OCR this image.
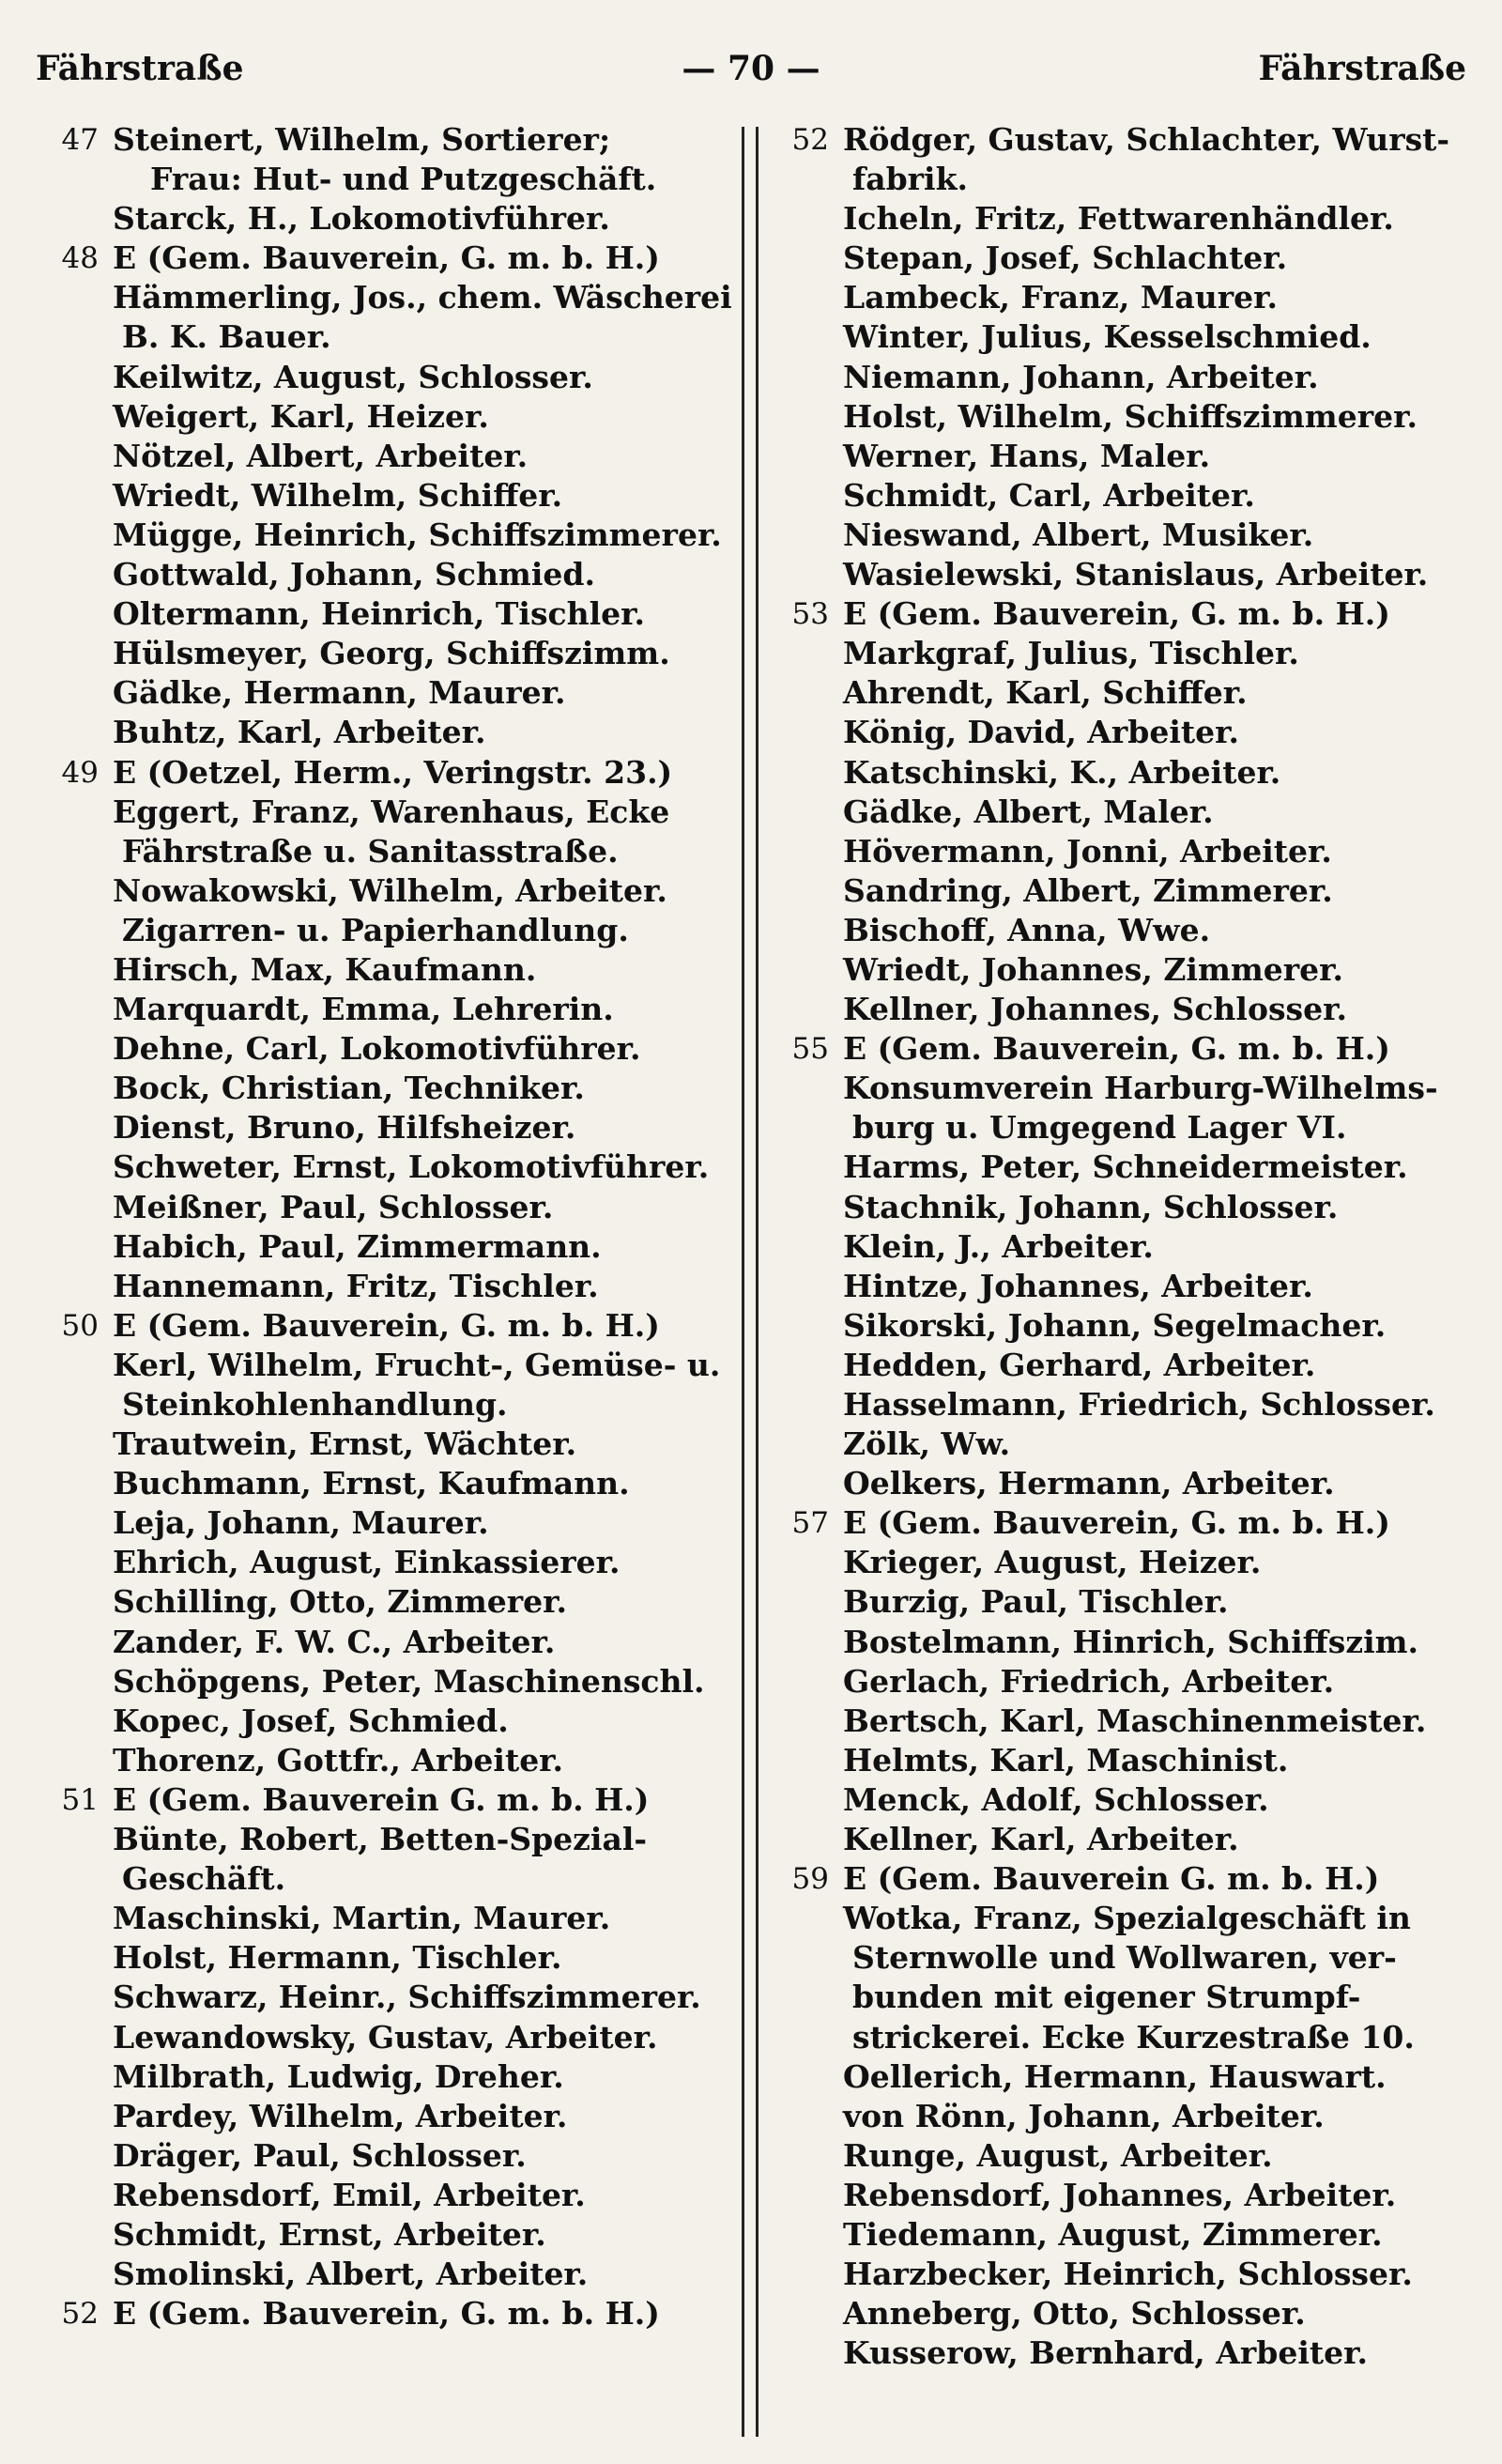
— 70 —
Fährstraße	Fährstraße
47 Steinert, Wilhelm, Sortierer;
Frau: Hut- und Putzgeschäft.
Starck, H., Lokomotivführer.
48 E (Gem. Bauverein, G. m. b. H.)
Hämmerling, Jos., chem. Wäscherei
B. K. Bauer.
Keilwitz, August, Schlosser.
Weigert, Karl, Heizer.
Nötzel, Albert, Arbeiter.
Wriedt, Wilhelm, Schiffer.
Mügge, Heinrich, Schiffszimmerer.
Gottwald, Johann, Schmied.
Oltermann, Heinrich, Tischler.
Hülsmeyer, Georg, Schiffszimm.
Gädke, Hermann, Maurer.
Buhtz, Karl, Arbeiter.
49 E (Oetzel, Herm., Veringstr. 23.)
Eggert, Franz, Warenhaus, Ecke
Fährstraße u. Sanitasstraße.
Nowakowski, Wilhelm, Arbeiter.
Zigarren- u. Papierhandlung.
Hirsch, Max, Kaufmann.
Marquardt, Emma, Lehrerin.
Dehne, Carl, Lokomotivführer.
Bock, Christian, Techniker.
Dienst, Bruno, Hilfsheizer.
Schweter, Ernst, Lokomotivführer.
Meißner, Paul, Schlosser.
Habich, Paul, Zimmermann.
Hannemann, Fritz, Tischler.
50 E (Gem. Bauverein, G. m. b. H.)
Kerl, Wilhelm, Frucht-, Gemüse- u.
Steinkohlenhandlung.
Trautwein, Ernst, Wächter.
Buchmann, Ernst, Kaufmann.
Leja, Johann, Maurer.
Ehrich, August, Einkassierer.
Schilling, Otto, Zimmerer.
Zander, F. W. C., Arbeiter.
Schöpgens, Peter, Maschinenschl.
Kopec, Josef, Schmied.
Thorenz, Gottfr., Arbeiter.
51 E (Gem. Bauverein G. m. b. H.)
Bünte, Robert, Betten-Spezial-
Geschäft.
Maschinski, Martin, Maurer.
Holst, Hermann, Tischler.
Schwarz, Heinr., Schiffszimmerer.
Lewandowsky, Gustav, Arbeiter.
Milbrath, Ludwig, Dreher.
Pardey, Wilhelm, Arbeiter.
Dräger, Paul, Schlosser.
Rebensdorf, Emil, Arbeiter.
Schmidt, Ernst, Arbeiter.
Smolinski, Albert, Arbeiter.
52 E (Gem. Bauverein, G. m. b. H.)
52 Rödger, Gustav, Schlachter, Wurst-
fabrik.
Icheln, Fritz, Fettwarenhändler.
Stepan, Josef, Schlachter.
Lambeck, Franz, Maurer.
Winter, Julius, Kesselschmied.
Niemann, Johann, Arbeiter.
Holst, Wilhelm, Schiffszimmerer.
Werner, Hans, Maler.
Schmidt, Carl, Arbeiter.
Nieswand, Albert, Musiker.
Wasielewski, Stanislaus, Arbeiter.
53 E (Gem. Bauverein, G. m. b. H.)
Markgraf, Julius, Tischler.
Ahrendt, Karl, Schiffer.
König, David, Arbeiter.
Katschinski, K., Arbeiter.
Gädke, Albert, Maler.
Hövermann, Jonni, Arbeiter.
Sandring, Albert, Zimmerer.
Bischoff, Anna, Wwe.
Wriedt, Johannes, Zimmerer.
Kellner, Johannes, Schlosser.
55 E (Gem. Bauverein, G. m. b. H.)
Konsumverein Harburg-Wilhelms-
burg u. Umgegend Lager VI.
Harms, Peter, Schneidermeister.
Stachnik, Johann, Schlosser.
Klein, J., Arbeiter.
Hintze, Johannes, Arbeiter.
Sikorski, Johann, Segelmacher.
Hedden, Gerhard, Arbeiter.
Hasselmann, Friedrich, Schlosser.
Zölk, Ww.
Oelkers, Hermann, Arbeiter.
57 E (Gem. Bauverein, G. m. b. H.)
Krieger, August, Heizer.
Burzig, Paul, Tischler.
Bostelmann, Hinrich, Schiffszim.
Gerlach, Friedrich, Arbeiter.
Bertsch, Karl, Maschinenmeister.
Helmts, Karl, Maschinist.
Menck, Adolf, Schlosser.
Kellner, Karl, Arbeiter.
59 E (Gem. Bauverein G. m. b. H.)
Wotka, Franz, Spezialgeschäft in
Sternwolle und Wollwaren, ver-
bunden mit eigener Strumpf-
strickerei. Ecke Kurzestraße 10.
Oellerich, Hermann, Hauswart.
von Rönn, Johann, Arbeiter.
Runge, August, Arbeiter.
Rebensdorf, Johannes, Arbeiter.
Tiedemann, August, Zimmerer.
Harzbecker, Heinrich, Schlosser.
Anneberg, Otto, Schlosser.
Kusserow, Bernhard, Arbeiter.
